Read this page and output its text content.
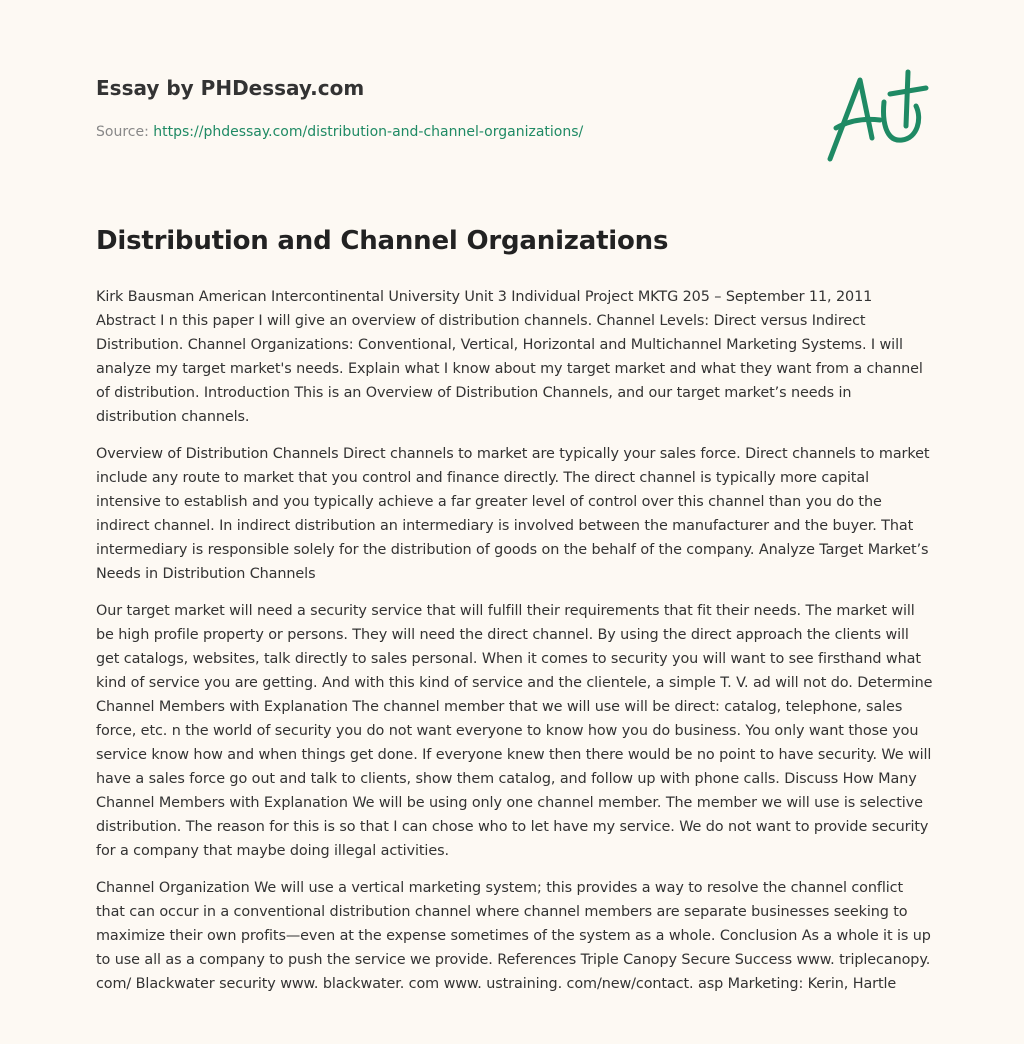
Essay by PHDessay.com
Source: https://phdessay.com/distribution-and-channel-organizations/
Distribution and Channel Organizations

Kirk Bausman American Intercontinental University Unit 3 Individual Project MKTG 205 – September 11, 2011 Abstract I n this paper I will give an overview of distribution channels. Channel Levels: Direct versus Indirect Distribution. Channel Organizations: Conventional, Vertical, Horizontal and Multichannel Marketing Systems. I will analyze my target market's needs. Explain what I know about my target market and what they want from a channel of distribution. Introduction This is an Overview of Distribution Channels, and our target market’s needs in distribution channels.

Overview of Distribution Channels Direct channels to market are typically your sales force. Direct channels to market include any route to market that you control and finance directly. The direct channel is typically more capital intensive to establish and you typically achieve a far greater level of control over this channel than you do the indirect channel. In indirect distribution an intermediary is involved between the manufacturer and the buyer. That intermediary is responsible solely for the distribution of goods on the behalf of the company. Analyze Target Market’s Needs in Distribution Channels

Our target market will need a security service that will fulfill their requirements that fit their needs. The market will be high profile property or persons. They will need the direct channel. By using the direct approach the clients will get catalogs, websites, talk directly to sales personal. When it comes to security you will want to see firsthand what kind of service you are getting. And with this kind of service and the clientele, a simple T. V. ad will not do. Determine Channel Members with Explanation The channel member that we will use will be direct: catalog, telephone, sales force, etc. n the world of security you do not want everyone to know how you do business. You only want those you service know how and when things get done. If everyone knew then there would be no point to have security. We will have a sales force go out and talk to clients, show them catalog, and follow up with phone calls. Discuss How Many Channel Members with Explanation We will be using only one channel member. The member we will use is selective distribution. The reason for this is so that I can chose who to let have my service. We do not want to provide security for a company that maybe doing illegal activities.

Channel Organization We will use a vertical marketing system; this provides a way to resolve the channel conflict that can occur in a conventional distribution channel where channel members are separate businesses seeking to maximize their own profits—even at the expense sometimes of the system as a whole. Conclusion As a whole it is up to use all as a company to push the service we provide. References Triple Canopy Secure Success www. triplecanopy. com/ Blackwater security www. blackwater. com www. ustraining. com/new/contact. asp Marketing: Kerin, Hartle
